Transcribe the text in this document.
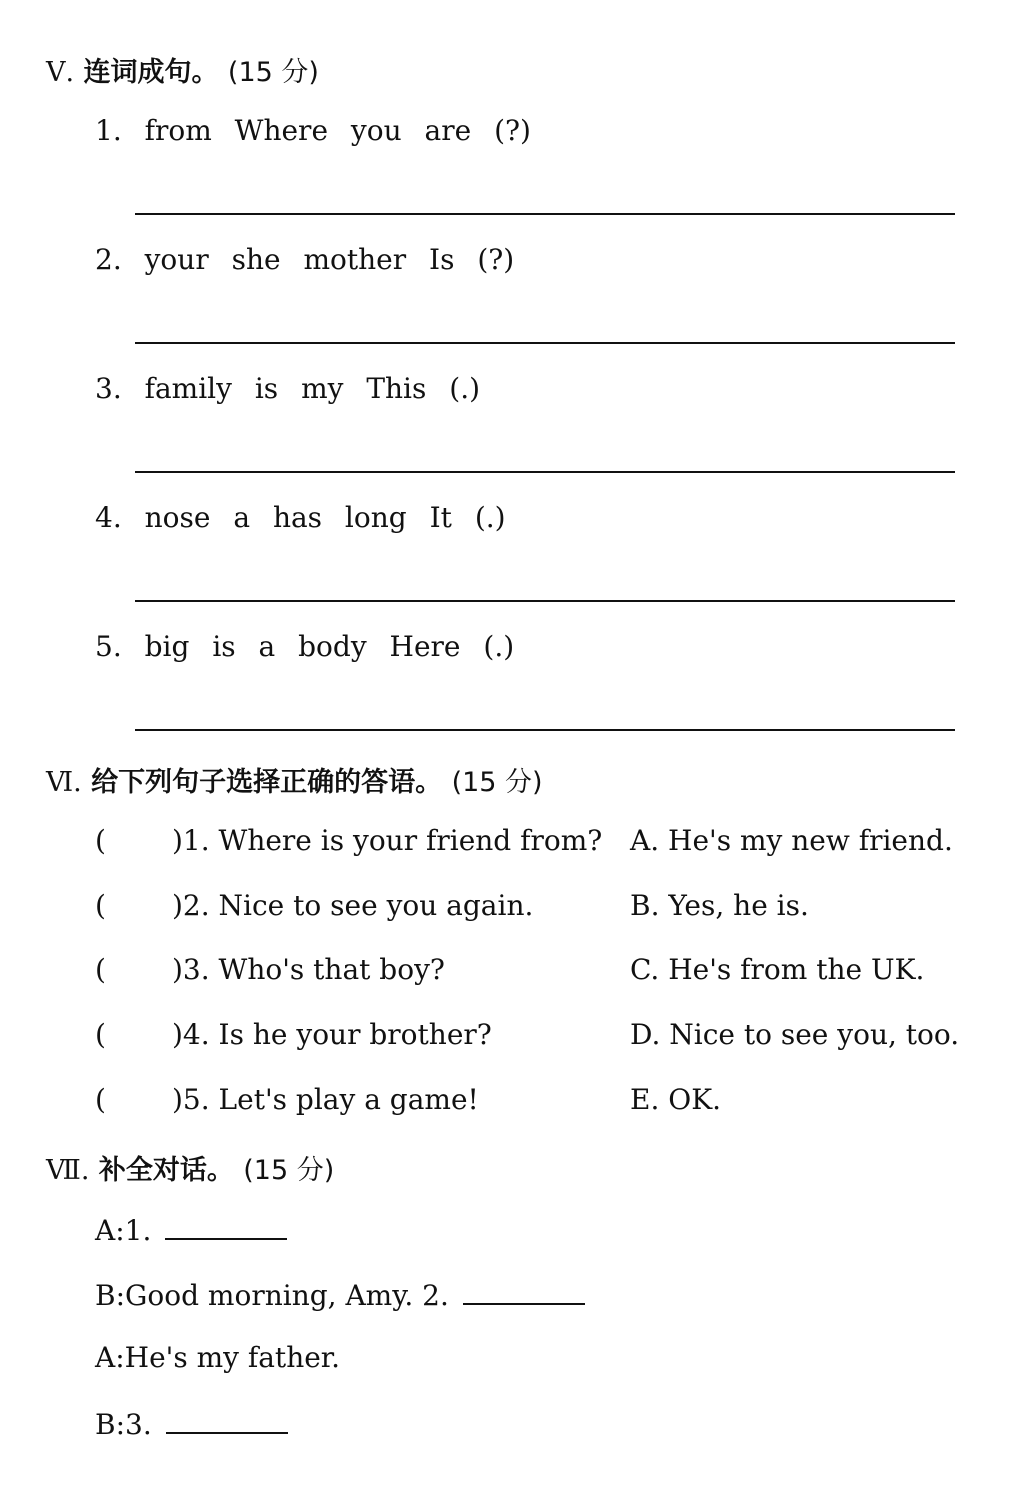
Ⅴ. 连词成句。 (15 分)
1. from Where you are (?)
2. your she mother Is (?)
3. family is my This (.)
4. nose a has long It (.)
5. big is a body Here (.)
Ⅵ. 给下列句子选择正确的答语。 (15 分)
( )1. Where is your friend from? A. He's my new friend.
( )2. Nice to see you again.	B. Yes, he is.
( )3. Who's that boy?	C. He's from the UK.
( )4. Is he your brother?	D. Nice to see you, too.
( )5. Let's play a game!	E. OK.
Ⅶ. 补全对话。 (15 分)
A:1.
B:Good morning, Amy. 2.
A:He's my father.
B:3.
